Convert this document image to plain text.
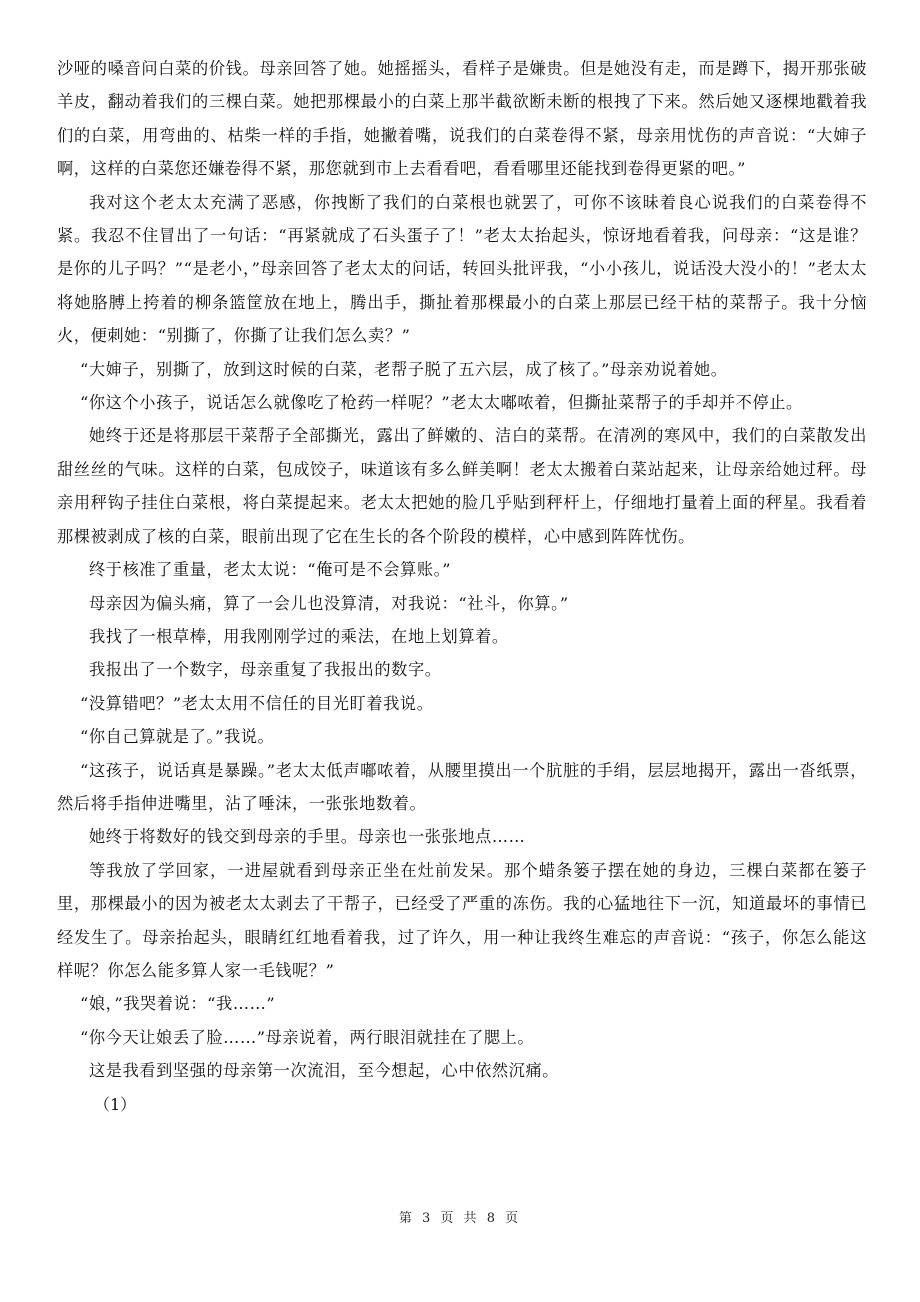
沙哑的嗓音问白菜的价钱。母亲回答了她。她摇摇头，看样子是嫌贵。但是她没有走，而是蹲下，揭开那张破羊皮，翻动着我们的三棵白菜。她把那棵最小的白菜上那半截欲断未断的根拽了下来。然后她又逐棵地戳着我们的白菜，用弯曲的、枯柴一样的手指，她撇着嘴，说我们的白菜卷得不紧，母亲用忧伤的声音说：“大婶子啊，这样的白菜您还嫌卷得不紧，那您就到市上去看看吧，看看哪里还能找到卷得更紧的吧。”

我对这个老太太充满了恶感，你拽断了我们的白菜根也就罢了，可你不该昧着良心说我们的白菜卷得不紧。我忍不住冒出了一句话：“再紧就成了石头蛋子了！”老太太抬起头，惊讶地看着我，问母亲：“这是谁？是你的儿子吗？”“是老小，”母亲回答了老太太的问话，转回头批评我，“小小孩儿，说话没大没小的！”老太太将她胳膊上挎着的柳条篮筐放在地上，腾出手，撕扯着那棵最小的白菜上那层已经干枯的菜帮子。我十分恼火，便刺她：“别撕了，你撕了让我们怎么卖？”

“大婶子，别撕了，放到这时候的白菜，老帮子脱了五六层，成了核了。”母亲劝说着她。

“你这个小孩子，说话怎么就像吃了枪药一样呢？”老太太嘟哝着，但撕扯菜帮子的手却并不停止。

她终于还是将那层干菜帮子全部撕光，露出了鲜嫩的、洁白的菜帮。在清冽的寒风中，我们的白菜散发出甜丝丝的气味。这样的白菜，包成饺子，味道该有多么鲜美啊！老太太搬着白菜站起来，让母亲给她过秤。母亲用秤钩子挂住白菜根，将白菜提起来。老太太把她的脸几乎贴到秤杆上，仔细地打量着上面的秤星。我看着那棵被剥成了核的白菜，眼前出现了它在生长的各个阶段的模样，心中感到阵阵忧伤。

终于核准了重量，老太太说：“俺可是不会算账。”

母亲因为偏头痛，算了一会儿也没算清，对我说：“社斗，你算。”

我找了一根草棒，用我刚刚学过的乘法，在地上划算着。

我报出了一个数字，母亲重复了我报出的数字。

“没算错吧？”老太太用不信任的目光盯着我说。

“你自己算就是了。”我说。

“这孩子，说话真是暴躁。”老太太低声嘟哝着，从腰里摸出一个肮脏的手绢，层层地揭开，露出一沓纸票，然后将手指伸进嘴里，沾了唾沫，一张张地数着。

她终于将数好的钱交到母亲的手里。母亲也一张张地点……

等我放了学回家，一进屋就看到母亲正坐在灶前发呆。那个蜡条篓子摆在她的身边，三棵白菜都在篓子里，那棵最小的因为被老太太剥去了干帮子，已经受了严重的冻伤。我的心猛地往下一沉，知道最坏的事情已经发生了。母亲抬起头，眼睛红红地看着我，过了许久，用一种让我终生难忘的声音说：“孩子，你怎么能这样呢？你怎么能多算人家一毛钱呢？”

“娘，”我哭着说：“我……”

“你今天让娘丢了脸……”母亲说着，两行眼泪就挂在了腮上。

这是我看到坚强的母亲第一次流泪，至今想起，心中依然沉痛。

（1）

第 3 页 共 8 页
